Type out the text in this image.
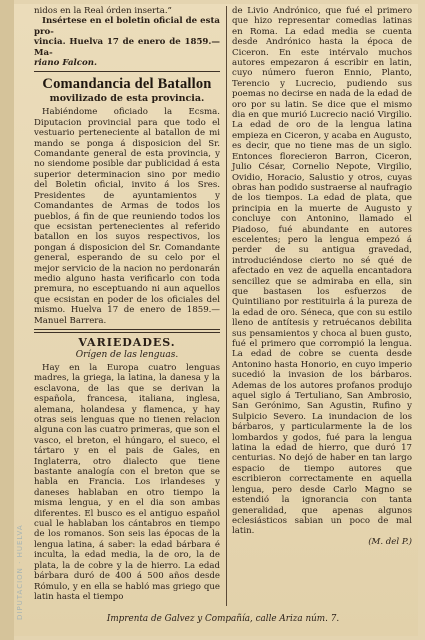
nidos en la Real órden inserta.”

Insértese en el boletin oficial de esta pro-

vincia. Huelva 17 de enero de 1859.—Ma-

riano Falcon.

Comandancia del Batallon
movilizado de esta provincia.

Habiéndome oficiado la Ecsma. Diputacion provincial para que todo el vestuario perteneciente al batallon de mi mando se ponga á disposicion del Sr. Comandante general de esta provincia, y no siendome posible dar publicidad á esta superior determinacion sino por medio del Boletin oficial, invito á los Sres. Presidentes de ayuntamientos y Comandantes de Armas de todos los pueblos, á fin de que reuniendo todos los que ecsistan pertenecientes al referido batallon en los suyos respectivos, los pongan á disposicion del Sr. Comandante general, esperando de su celo por el mejor servicio de la nacion no perdonarán medio alguno hasta verificarlo con toda premura, no esceptuando ni aun aquellos que ecsistan en poder de los oficiales del mismo. Huelva 17 de enero de 1859.—Manuel Barrera.

VARIEDADES.
Orígen de las lenguas.

Hay en la Europa cuatro lenguas madres, la griega, la latina, la danesa y la esclavona, de las que se derivan la española, francesa, italiana, inglesa, alemana, holandesa y flamenca, y hay otras seis lenguas que no tienen relacion alguna con las cuatro primeras, que son el vasco, el breton, el húngaro, el sueco, el tártaro y en el pais de Gales, en Inglaterra, otro dialecto que tiene bastante analogía con el breton que se habla en Francia. Los irlandeses y daneses hablaban en otro tiempo la misma lengua, y en el dia son ambas diferentes. El busco es el antiguo español cual le hablaban los cántabros en tiempo de los romanos. Son seis las épocas de la lengua latina, á saber: la edad bárbara é inculta, la edad media, la de oro, la de plata, la de cobre y la de hierro. La edad bárbara duró de 400 á 500 años desde Rómulo, y en ella se habló mas griego que latin hasta el tiempo

de Livio Andrónico, que fué el primero que hizo representar comedias latinas en Roma. La edad media se cuenta desde Andrónico hasta la época de Ciceron. En este intérvalo muchos autores empezaron á escribir en latin, cuyo número fueron Ennio, Planto, Terencio y Lucrecio, pudiendo sus poemas no decirse en nada de la edad de oro por su latin. Se dice que el mismo dia en que murió Lucrecio nació Virgilio. La edad de oro de la lengua latina empieza en Ciceron, y acaba en Augusto, es decir, que no tiene mas de un siglo. Entonces florecieron Barron, Ciceron, Julio César, Cornelio Nepote, Virgilio, Ovidio, Horacio, Salustio y otros, cuyas obras han podido sustraerse al naufragio de los tiempos. La edad de plata, que principia en la muerte de Augusto y concluye con Antonino, llamado el Piadoso, fué abundante en autores escelentes; pero la lengua empezó á perder de su antigua gravedad, introduciéndose cierto no sé qué de afectado en vez de aquella encantadora sencillez que se admiraba en ella, sin que bastasen los esfuerzos de Quintiliano por restituirla á la pureza de la edad de oro. Séneca, que con su estilo lleno de antítesis y retruécanos debilita sus pensamientos y choca al buen gusto, fué el primero que corrompió la lengua. La edad de cobre se cuenta desde Antonino hasta Honorio, en cuyo imperio sucedió la invasion de los bárbaros. Ademas de los autores profanos produjo aquel siglo á Tertuliano, San Ambrosio, San Gerónimo, San Agustin, Rufino y Sulpicio Severo. La inundacion de los bárbaros, y particularmente la de los lombardos y godos, fué para la lengua latina la edad de hierro, que duró 17 centurias. No dejó de haber en tan largo espacio de tiempo autores que escribieron correctamente en aquella lengua, pero desde Carlo Magno se estendió la ignorancia con tanta generalidad, que apenas algunos eclesiásticos sabian un poco de mal latin.

(M. del P.)

Imprenta de Galvez y Compañía, calle Ariza núm. 7.
DIPUTACION · HUELVA
